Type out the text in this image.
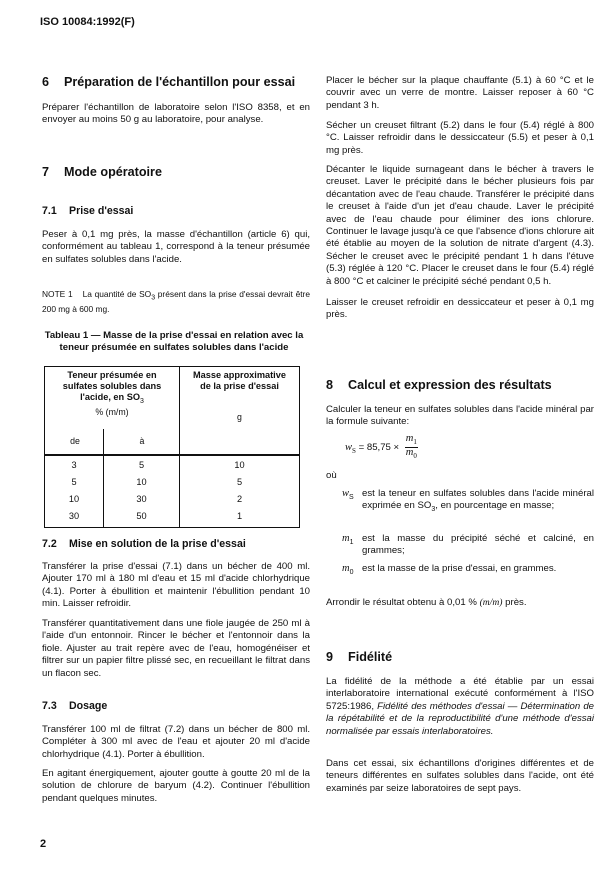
ISO 10084:1992(F)
6 Préparation de l'échantillon pour essai
Préparer l'échantillon de laboratoire selon l'ISO 8358, et en envoyer au moins 50 g au laboratoire, pour analyse.
7 Mode opératoire
7.1 Prise d'essai
Peser à 0,1 mg près, la masse d'échantillon (article 6) qui, conformément au tableau 1, correspond à la teneur présumée en sulfates solubles dans l'acide.
NOTE 1 La quantité de $SO_3$ présent dans la prise d'essai devrait être 200 mg à 600 mg.
Tableau 1 — Masse de la prise d'essai en relation avec la teneur présumée en sulfates solubles dans l'acide
Teneur présumée en
sulfates solubles dans
l'acide, en $SO_3$
% (m/m)
de	à
Masse approximative
de la prise d'essai
g
3	5	10
5	10	5
10	30	2
30	50	1
7.2 Mise en solution de la prise d'essai
Transférer la prise d'essai (7.1) dans un bécher de 400 ml. Ajouter 170 ml à 180 ml d'eau et 15 ml d'acide chlorhydrique (4.1). Porter à ébullition et maintenir l'ébullition pendant 10 min. Laisser refroidir.
Transférer quantitativement dans une fiole jaugée de 250 ml à l'aide d'un entonnoir. Rincer le bécher et l'entonnoir dans la fiole. Ajuster au trait repère avec de l'eau, homogénéiser et filtrer sur un papier filtre plissé sec, en recueillant le filtrat dans un flacon sec.
7.3 Dosage
Transférer 100 ml de filtrat (7.2) dans un bécher de 800 ml. Compléter à 300 ml avec de l'eau et ajouter 20 ml d'acide chlorhydrique (4.1). Porter à ébullition.
En agitant énergiquement, ajouter goutte à goutte 20 ml de la solution de chlorure de baryum (4.2). Continuer l'ébullition pendant quelques minutes.
2
Placer le bécher sur la plaque chauffante (5.1) à 60 °C et le couvrir avec un verre de montre. Laisser reposer à 60 °C pendant 3 h.
Sécher un creuset filtrant (5.2) dans le four (5.4) réglé à 800 °C. Laisser refroidir dans le dessiccateur (5.5) et peser à 0,1 mg près.
Décanter le liquide surnageant dans le bécher à travers le creuset. Laver le précipité dans le bécher plusieurs fois par décantation avec de l'eau chaude. Transférer le précipité dans le creuset à l'aide d'un jet d'eau chaude. Laver le précipité avec de l'eau chaude pour éliminer des ions chlorure. Continuer le lavage jusqu'à ce que l'absence d'ions chlorure ait été établie au moyen de la solution de nitrate d'argent (4.3). Sécher le creuset avec le précipité pendant 1 h dans l'étuve (5.3) réglée à 120 °C. Placer le creuset dans le four (5.4) réglé à 800 °C et calciner le précipité séché pendant 0,5 h.
Laisser le creuset refroidir en dessiccateur et peser à 0,1 mg près.
8 Calcul et expression des résultats
Calculer la teneur en sulfates solubles dans l'acide minéral par la formule suivante:
$w_S = 85,75 \times \frac{m_1}{m_0}$
où
$w_S$ est la teneur en sulfates solubles dans l'acide minéral exprimée en $SO_3$, en pourcentage en masse;
$m_1$ est la masse du précipité séché et calciné, en grammes;
$m_0$ est la masse de la prise d'essai, en grammes.
Arrondir le résultat obtenu à 0,01 % (m/m) près.
9 Fidélité
La fidélité de la méthode a été établie par un essai interlaboratoire international exécuté conformément à l'ISO 5725:1986, Fidélité des méthodes d'essai — Détermination de la répétabilité et de la reproductibilité d'une méthode d'essai normalisée par essais interlaboratoires.
Dans cet essai, six échantillons d'origines différentes et de teneurs différentes en sulfates solubles dans l'acide, ont été examinés par seize laboratoires de sept pays.
